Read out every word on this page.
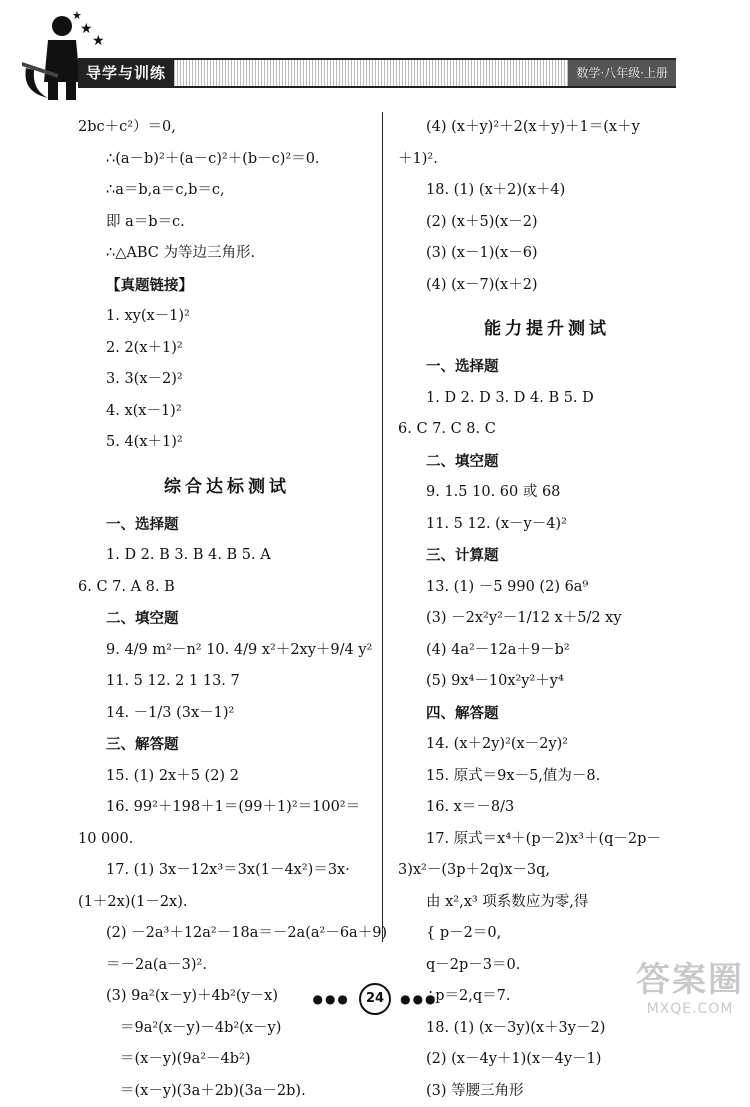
★
★
★
导学与训练	数学·八年级·上册
2bc＋c²）＝0,
∴(a－b)²＋(a－c)²＋(b－c)²＝0.
∴a＝b,a＝c,b＝c,
即 a＝b＝c.
∴△ABC 为等边三角形.
【真题链接】
1. xy(x－1)²
2. 2(x＋1)²
3. 3(x－2)²
4. x(x－1)²
5. 4(x＋1)²
综合达标测试
一、选择题
1. D 2. B 3. B 4. B 5. A
6. C 7. A 8. B
二、填空题
9. 4/9 m²－n² 10. 4/9 x²＋2xy＋9/4 y²
11. 5 12. 2 1 13. 7
14. －1/3 (3x－1)²
三、解答题
15. (1) 2x＋5 (2) 2
16. 99²＋198＋1＝(99＋1)²＝100²＝
10 000.
17. (1) 3x－12x³＝3x(1－4x²)＝3x·
(1＋2x)(1－2x).
(2) －2a³＋12a²－18a＝－2a(a²－6a＋9)
＝－2a(a－3)².
(3) 9a²(x－y)＋4b²(y－x)
＝9a²(x－y)－4b²(x－y)
＝(x－y)(9a²－4b²)
＝(x－y)(3a＋2b)(3a－2b).
(4) (x＋y)²＋2(x＋y)＋1＝(x＋y
＋1)².
18. (1) (x＋2)(x＋4)
(2) (x＋5)(x－2)
(3) (x－1)(x－6)
(4) (x－7)(x＋2)
能力提升测试
一、选择题
1. D 2. D 3. D 4. B 5. D
6. C 7. C 8. C
二、填空题
9. 1.5 10. 60 或 68
11. 5 12. (x－y－4)²
三、计算题
13. (1) －5 990 (2) 6a⁹
(3) －2x²y²－1/12 x＋5/2 xy
(4) 4a²－12a＋9－b²
(5) 9x⁴－10x²y²＋y⁴
四、解答题
14. (x＋2y)²(x－2y)²
15. 原式＝9x－5,值为－8.
16. x＝－8/3
17. 原式＝x⁴＋(p－2)x³＋(q－2p－
3)x²－(3p＋2q)x－3q,
由 x²,x³ 项系数应为零,得
{ p－2＝0,
q－2p－3＝0.
∴p＝2,q＝7.
18. (1) (x－3y)(x＋3y－2)
(2) (x－4y＋1)(x－4y－1)
(3) 等腰三角形
●●● 24 ●●●	答案圈
MXQE.COM
